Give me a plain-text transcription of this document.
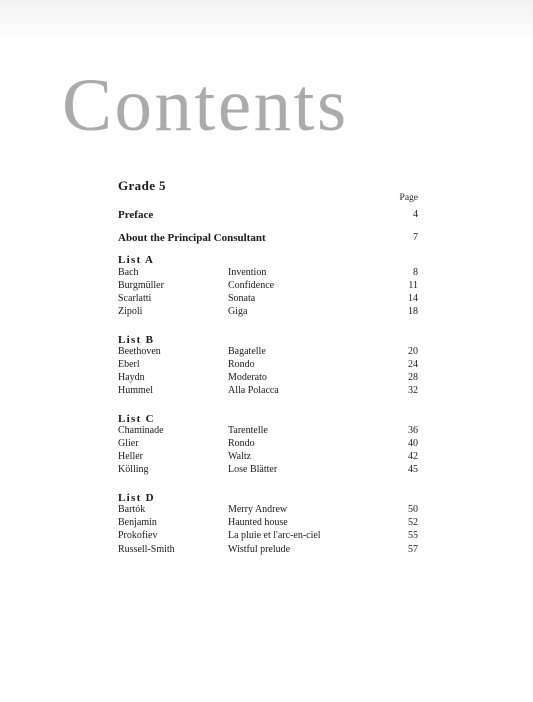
Contents
Grade 5
Page
Preface	4
About the Principal Consultant	7
List A
Bach	Invention	8
Burgmüller	Confidence	11
Scarlatti	Sonata	14
Zipoli	Giga	18
List B
Beethoven	Bagatelle	20
Eberl	Rondo	24
Haydn	Moderato	28
Hummel	Alla Polacca	32
List C
Chaminade	Tarentelle	36
Glier	Rondo	40
Heller	Waltz	42
Kölling	Lose Blätter	45
List D
Bartók	Merry Andrew	50
Benjamin	Haunted house	52
Prokofiev	La pluie et l'arc-en-ciel	55
Russell-Smith	Wistful prelude	57
